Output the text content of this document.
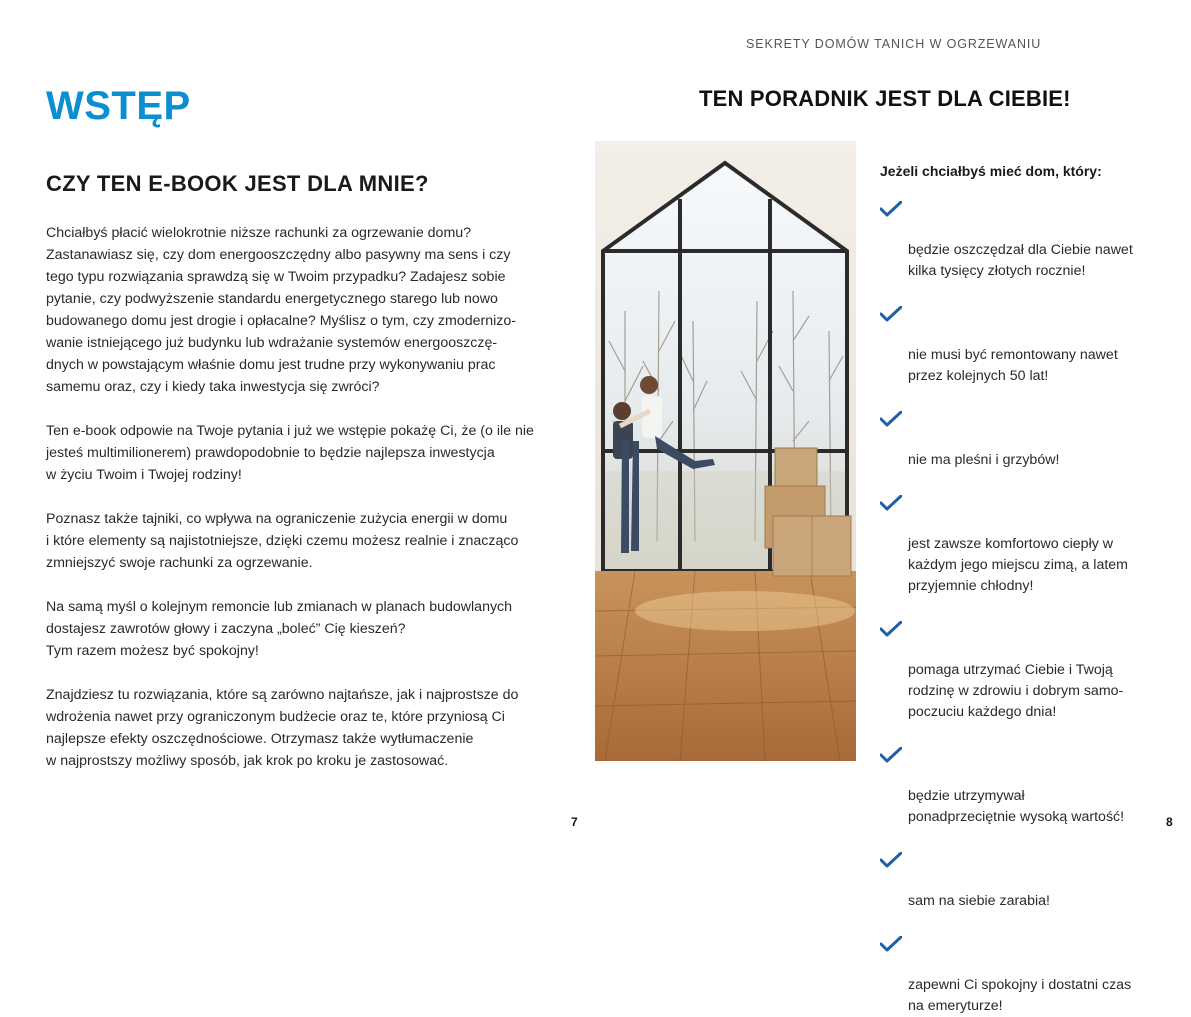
SEKRETY DOMÓW TANICH W OGRZEWANIU
WSTĘP
CZY TEN E-BOOK JEST DLA MNIE?

Chciałbyś płacić wielokrotnie niższe rachunki za ogrzewanie domu?
Zastanawiasz się, czy dom energooszczędny albo pasywny ma sens i czy
tego typu rozwiązania sprawdzą się w Twoim przypadku? Zadajesz sobie
pytanie, czy podwyższenie standardu energetycznego starego lub nowo
budowanego domu jest drogie i opłacalne? Myślisz o tym, czy zmodernizo-
wanie istniejącego już budynku lub wdrażanie systemów energooszczę-
dnych w powstającym właśnie domu jest trudne przy wykonywaniu prac
samemu oraz, czy i kiedy taka inwestycja się zwróci?

Ten e-book odpowie na Twoje pytania i już we wstępie pokażę Ci, że (o ile nie
jesteś multimilionerem) prawdopodobnie to będzie najlepsza inwestycja
w życiu Twoim i Twojej rodziny!

Poznasz także tajniki, co wpływa na ograniczenie zużycia energii w domu
i które elementy są najistotniejsze, dzięki czemu możesz realnie i znacząco
zmniejszyć swoje rachunki za ogrzewanie.

Na samą myśl o kolejnym remoncie lub zmianach w planach budowlanych
dostajesz zawrotów głowy i zaczyna „boleć” Cię kieszeń?
Tym razem możesz być spokojny!

Znajdziesz tu rozwiązania, które są zarówno najtańsze, jak i najprostsze do
wdrożenia nawet przy ograniczonym budżecie oraz te, które przyniosą Ci
najlepsze efekty oszczędnościowe. Otrzymasz także wytłumaczenie
w najprostszy możliwy sposób, jak krok po kroku je zastosować.

TEN PORADNIK JEST DLA CIEBIE!
Jeżeli chciałbyś mieć dom, który:

będzie oszczędzał dla Ciebie nawet
kilka tysięcy złotych rocznie!

nie musi być remontowany nawet
przez kolejnych 50 lat!

nie ma pleśni i grzybów!

jest zawsze komfortowo ciepły w
każdym jego miejscu zimą, a latem
przyjemnie chłodny!

pomaga utrzymać Ciebie i Twoją
rodzinę w zdrowiu i dobrym samo-
poczuciu każdego dnia!

będzie utrzymywał
ponadprzeciętnie wysoką wartość!

sam na siebie zarabia!

zapewni Ci spokojny i dostatni czas
na emeryturze!

7	8
